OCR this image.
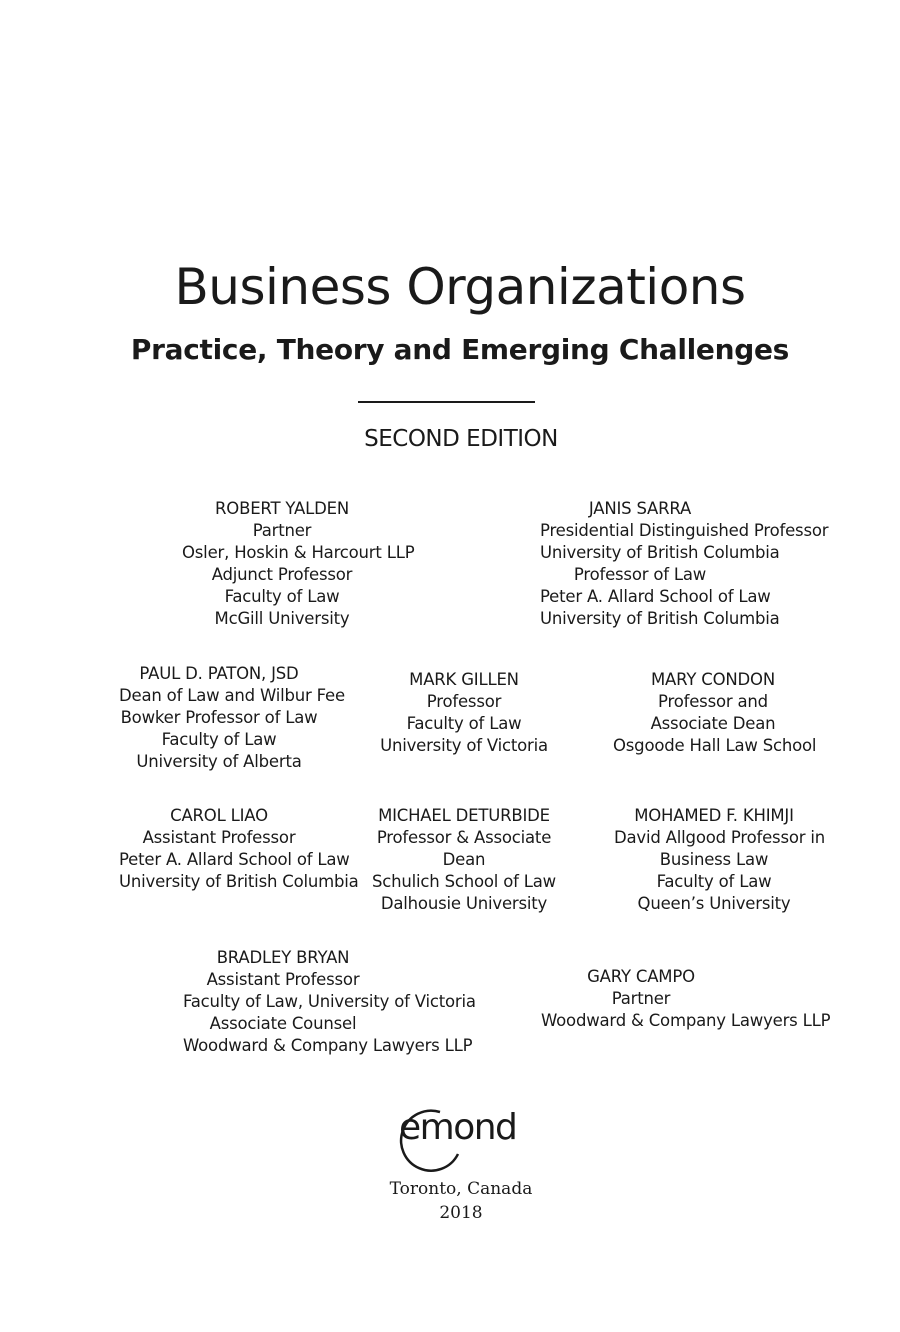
Business Organizations
Practice, Theory and Emerging Challenges
SECOND EDITION
ROBERT YALDEN
Partner
Osler, Hoskin & Harcourt LLP
Adjunct Professor
Faculty of Law
McGill University
JANIS SARRA
Presidential Distinguished Professor
University of British Columbia
Professor of Law
Peter A. Allard School of Law
University of British Columbia
PAUL D. PATON, JSD
Dean of Law and Wilbur Fee
Bowker Professor of Law
Faculty of Law
University of Alberta
MARK GILLEN
Professor
Faculty of Law
University of Victoria
MARY CONDON
Professor and
Associate Dean
Osgoode Hall Law School
CAROL LIAO
Assistant Professor
Peter A. Allard School of Law
University of British Columbia
MICHAEL DETURBIDE
Professor & Associate
Dean
Schulich School of Law
Dalhousie University
MOHAMED F. KHIMJI
David Allgood Professor in
Business Law
Faculty of Law
Queen’s University
BRADLEY BRYAN
Assistant Professor
Faculty of Law, University of Victoria
Associate Counsel
Woodward & Company Lawyers LLP
GARY CAMPO
Partner
Woodward & Company Lawyers LLP
emond
Toronto, Canada
2018
